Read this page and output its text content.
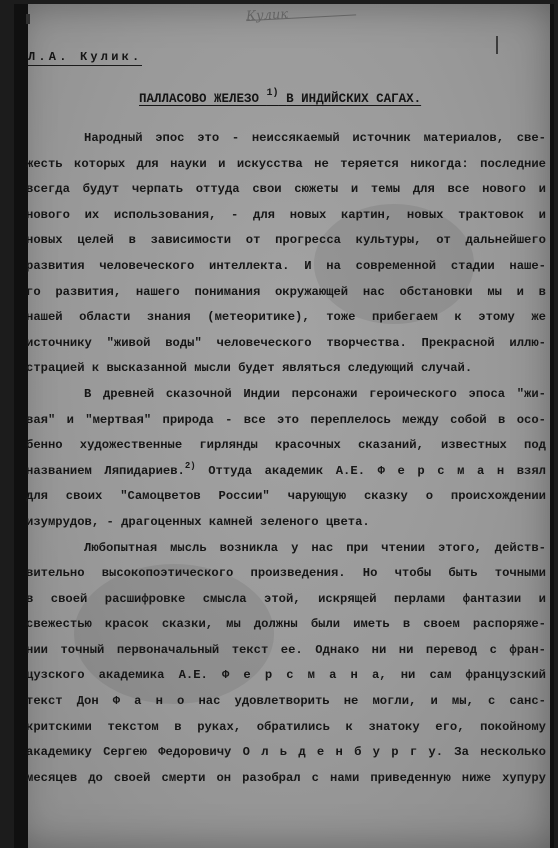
Кулик
Л.А. Кулик.
ПАЛЛАСОВО ЖЕЛЕЗО $^{1)}$ В ИНДИЙСКИХ САГАХ.
Народный эпос это - неиссякаемый источник материалов, све-
жесть которых для науки и искусства не теряется никогда: последние
всегда будут черпать оттуда свои сюжеты и темы для все нового и
нового их использования, - для новых картин, новых трактовок и
новых целей в зависимости от прогресса культуры, от дальнейшего
развития человеческого интеллекта. И на современной стадии наше-
го развития, нашего понимания окружающей нас обстановки мы и в
нашей области знания (метеоритике), тоже прибегаем к этому же
источнику "живой воды" человеческого творчества. Прекрасной иллю-
страцией к высказанной мысли будет являться следующий случай.
В древней сказочной Индии персонажи героического эпоса "жи-
вая" и "мертвая" природа - все это переплелось между собой в осо-
бенно художественные гирлянды красочных сказаний, известных под
названием Ляпидариев.$^{2)}$ Оттуда академик А.Е. Ф е р с м а н взял
для своих "Самоцветов России" чарующую сказку о происхождении
изумрудов, - драгоценных камней зеленого цвета.
Любопытная мысль возникла у нас при чтении этого, действ-
вительно высокопоэтического произведения. Но чтобы быть точными
в своей расшифровке смысла этой, искрящей перлами фантазии и
свежестью красок сказки, мы должны были иметь в своем распоряже-
нии точный первоначальный текст ее. Однако ни ни перевод с фран-
цузского академика А.Е. Ф е р с м а н а, ни сам французский
текст Дон Ф а н о нас удовлетворить не могли, и мы, с санс-
критскими текстом в руках, обратились к знатоку его, покойному
академику Сергею Федоровичу О л ь д е н б у р г у. За несколько
месяцев до своей смерти он разобрал с нами приведенную ниже хупуру
